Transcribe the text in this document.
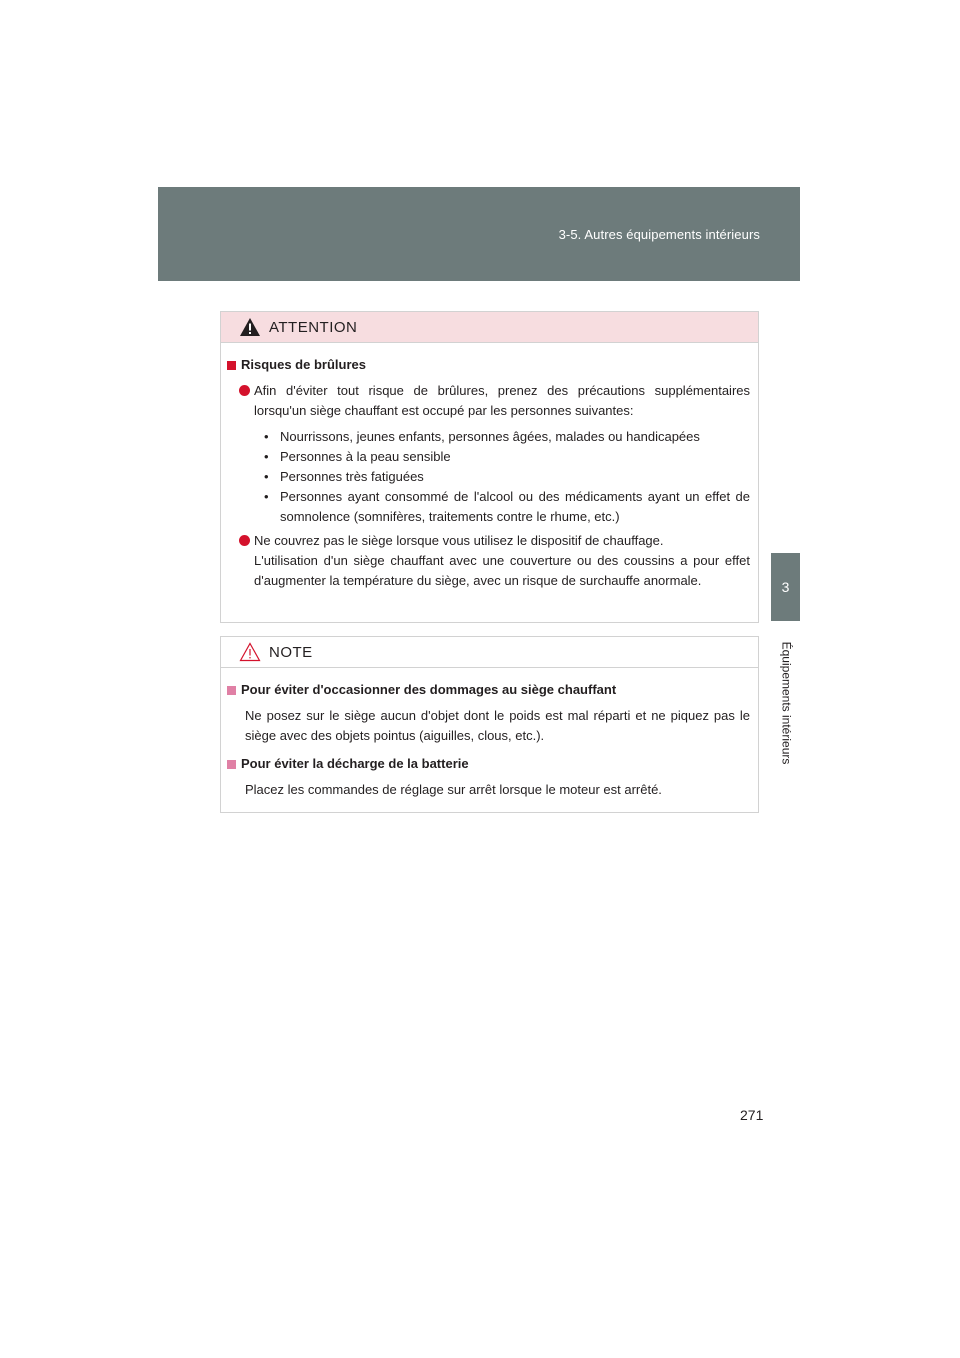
3-5. Autres équipements intérieurs
3
Équipements intérieurs
ATTENTION
Risques de brûlures
Afin d'éviter tout risque de brûlures, prenez des précautions supplémentaires lorsqu'un siège chauffant est occupé par les personnes suivantes:
• Nourrissons, jeunes enfants, personnes âgées, malades ou handicapées
• Personnes à la peau sensible
• Personnes très fatiguées
• Personnes ayant consommé de l'alcool ou des médicaments ayant un effet de somnolence (somnifères, traitements contre le rhume, etc.)
Ne couvrez pas le siège lorsque vous utilisez le dispositif de chauffage.
L'utilisation d'un siège chauffant avec une couverture ou des coussins a pour effet d'augmenter la température du siège, avec un risque de surchauffe anormale.
NOTE
Pour éviter d'occasionner des dommages au siège chauffant
Ne posez sur le siège aucun d'objet dont le poids est mal réparti et ne piquez pas le siège avec des objets pointus (aiguilles, clous, etc.).
Pour éviter la décharge de la batterie
Placez les commandes de réglage sur arrêt lorsque le moteur est arrêté.
271
